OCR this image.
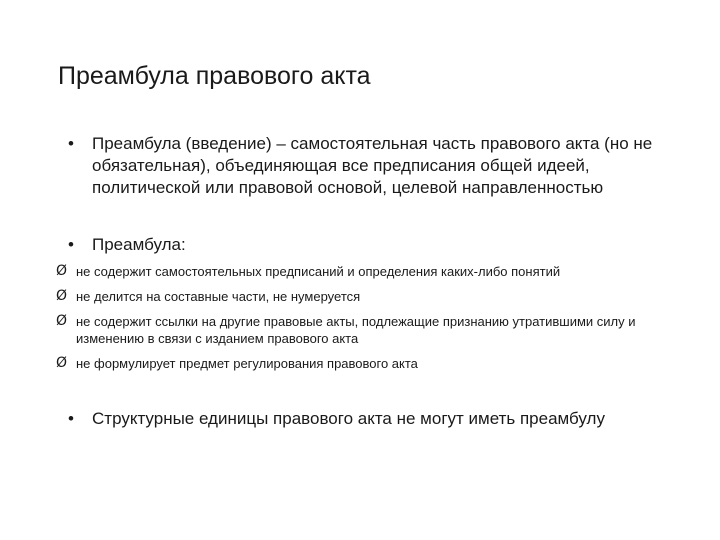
Преамбула правового акта
•	Преамбула (введение) – самостоятельная часть правового акта (но не обязательная), объединяющая все предписания общей идеей, политической или правовой основой, целевой направленностью
•	Преамбула:
Ø не содержит самостоятельных предписаний и определения каких-либо понятий
Ø не делится на составные части, не нумеруется
Ø не содержит ссылки на другие правовые акты, подлежащие признанию утратившими силу и изменению в связи с изданием правового акта
Ø не формулирует предмет регулирования правового акта
•	Структурные единицы правового акта не могут иметь преамбулу
